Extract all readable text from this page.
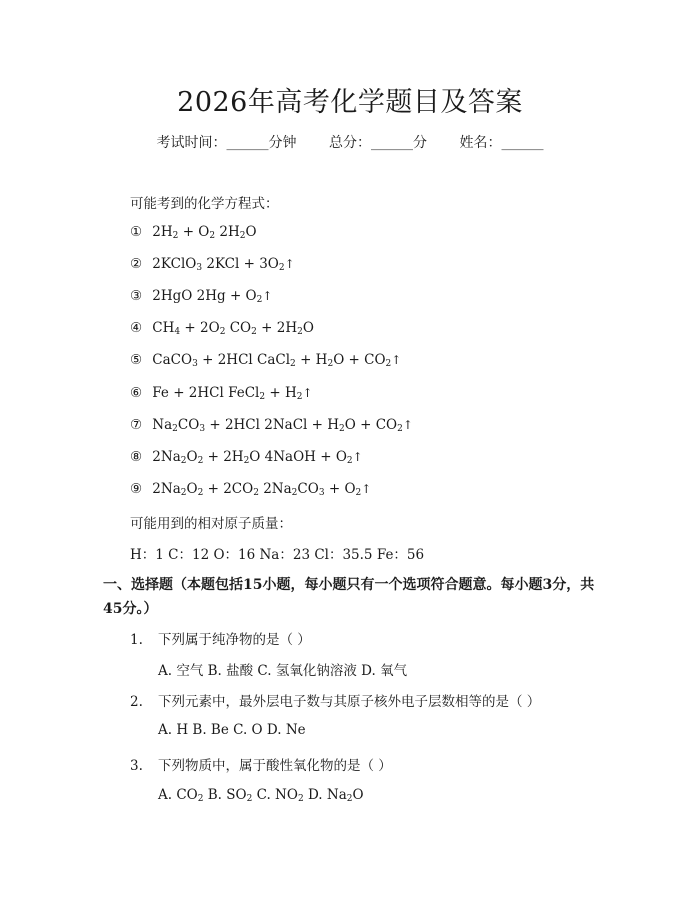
2026年高考化学题目及答案
考试时间：______分钟 总分：______分 姓名：______
可能考到的化学方程式：
① $2H_2 + O_2$ $2H_2O$
② 2KClO$_3$ $2KCl + 3O_2↑$
③ 2HgO $2Hg + O_2↑$
④ $CH_4 + 2O_2$ $CO_2 + 2H_2O$
⑤ CaCO$_3$ + 2HCl CaCl$_2$ + $H_2O$ + $CO_2↑$
⑥ Fe + 2HCl FeCl$_2$ + $H_2↑$
⑦ $Na_2CO_3 + 2HCl$ 2NaCl + $H_2O$ + $CO_2↑$
⑧ $2Na_2O_2 + 2H_2O$ 4NaOH + $O_2↑$
⑨ $2Na_2O_2 + 2CO_2$ $2Na_2CO_3$ + $O_2↑$
可能用到的相对原子质量：
H：1 C：12 O：16 Na：23 Cl：35.5 Fe：56
一、选择题（本题包括15小题，每小题只有一个选项符合题意。每小题3分，共45分。）
1. 下列属于纯净物的是（ ）
A. 空气 B. 盐酸 C. 氢氧化钠溶液 D. 氧气
2. 下列元素中，最外层电子数与其原子核外电子层数相等的是（ ）
A. H B. Be C. O D. Ne
3. 下列物质中，属于酸性氧化物的是（ ）
A. $CO_2$ B. $SO_2$ C. $NO_2$ D. $Na_2O$
